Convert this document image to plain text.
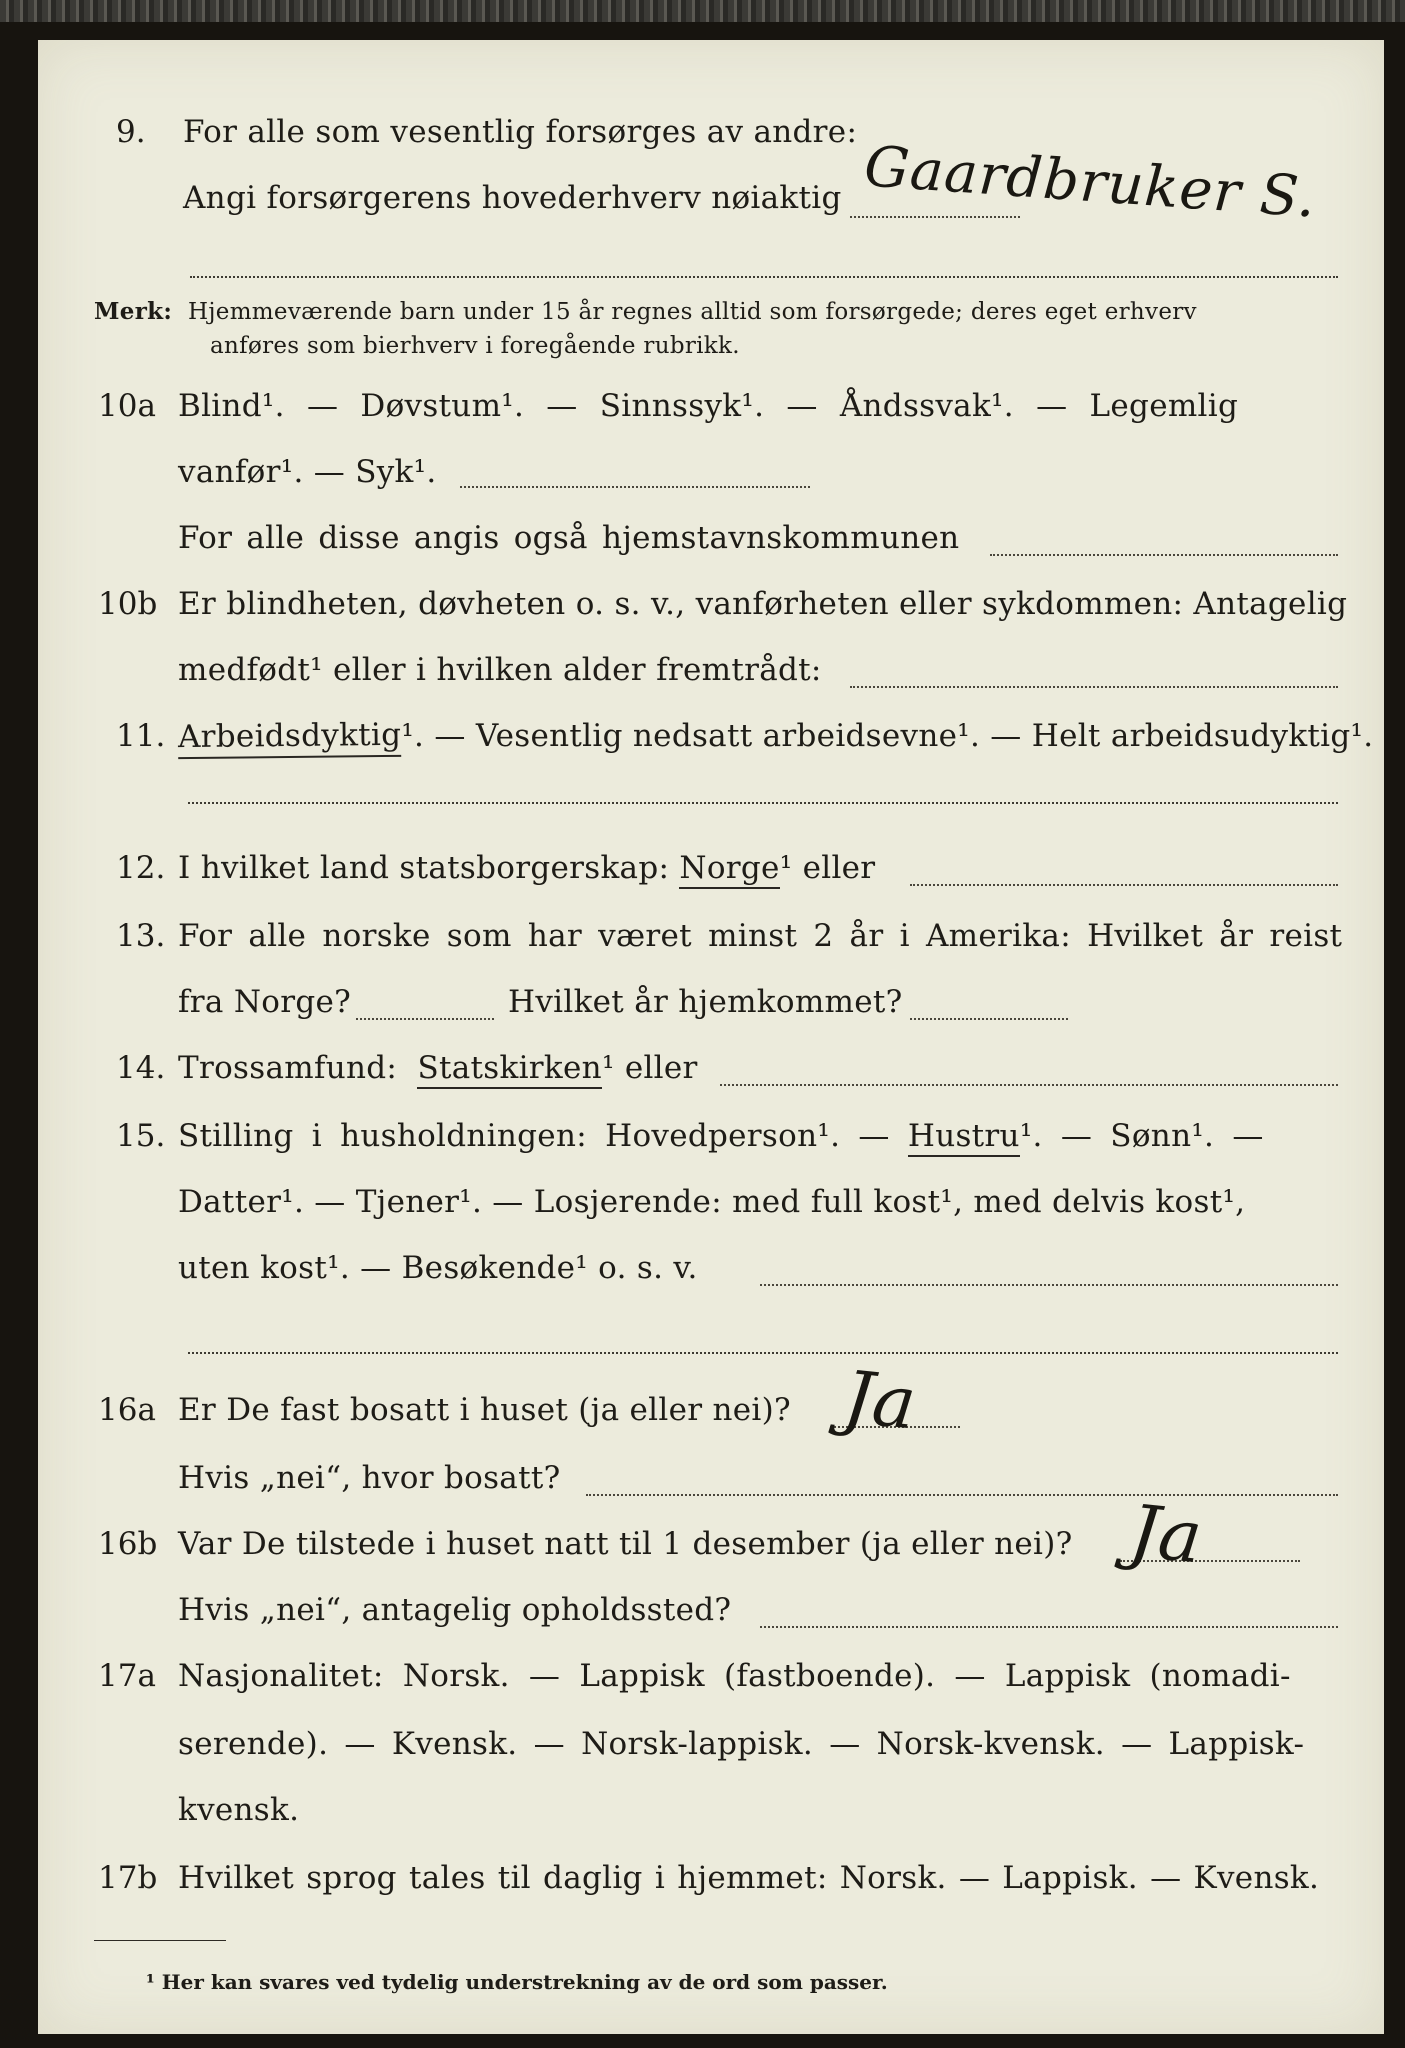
9. For alle som vesentlig forsørges av andre:

Angi forsørgerens hovederhverv nøiaktig Gaardbruker S.

Merk: Hjemmeværende barn under 15 år regnes alltid som forsørgede; deres eget erhverv

anføres som bierhverv i foregående rubrikk.

10a Blind¹. — Døvstum¹. — Sinnssyk¹. — Åndssvak¹. — Legemlig

vanfør¹. — Syk¹.

For alle disse angis også hjemstavnskommunen

10b Er blindheten, døvheten o. s. v., vanførheten eller sykdommen: Antagelig

medfødt¹ eller i hvilken alder fremtrådt:

11. Arbeidsdyktig¹. — Vesentlig nedsatt arbeidsevne¹. — Helt arbeidsudyktig¹.

12. I hvilket land statsborgerskap: Norge¹ eller

13. For alle norske som har været minst 2 år i Amerika: Hvilket år reist

fra Norge?	Hvilket år hjemkommet?

14. Trossamfund: Statskirken¹ eller

15. Stilling i husholdningen: Hovedperson¹. — Hustru¹. — Sønn¹. —

Datter¹. — Tjener¹. — Losjerende: med full kost¹, med delvis kost¹,

uten kost¹. — Besøkende¹ o. s. v.

16a Er De fast bosatt i huset (ja eller nei)? Ja

Hvis „nei“, hvor bosatt?

16b Var De tilstede i huset natt til 1 desember (ja eller nei)? Ja

Hvis „nei“, antagelig opholdssted?

17a Nasjonalitet: Norsk. — Lappisk (fastboende). — Lappisk (nomadi-

serende). — Kvensk. — Norsk-lappisk. — Norsk-kvensk. — Lappisk-

kvensk.

17b Hvilket sprog tales til daglig i hjemmet: Norsk. — Lappisk. — Kvensk.

¹ Her kan svares ved tydelig understrekning av de ord som passer.
